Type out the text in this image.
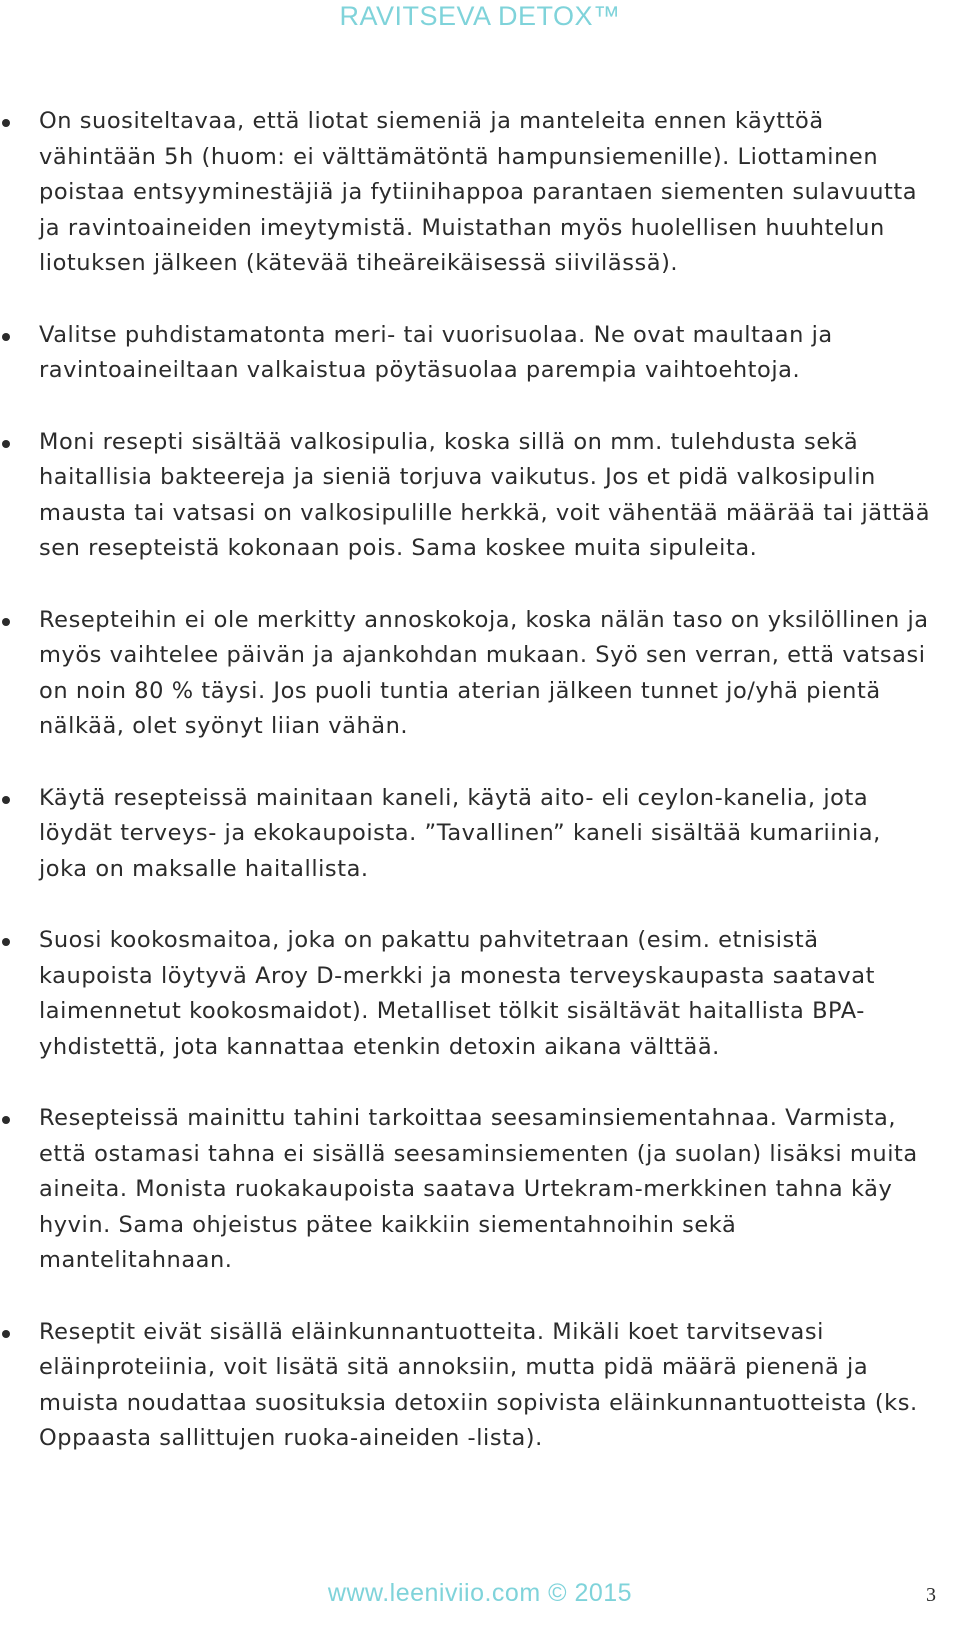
RAVITSEVA DETOX™
On suositeltavaa, että liotat siemeniä ja manteleita ennen käyttöä vähintään 5h (huom: ei välttämätöntä hampunsiemenille). Liottaminen poistaa entsyyminestäjiä ja fytiinihappoa parantaen siementen sulavuutta ja ravintoaineiden imeytymistä. Muistathan myös huolellisen huuhtelun liotuksen jälkeen (kätevää tiheäreikäisessä siivilässä).
Valitse puhdistamatonta meri- tai vuorisuolaa. Ne ovat maultaan ja ravintoaineiltaan valkaistua pöytäsuolaa parempia vaihtoehtoja.
Moni resepti sisältää valkosipulia, koska sillä on mm. tulehdusta sekä haitallisia bakteereja ja sieniä torjuva vaikutus. Jos et pidä valkosipulin mausta tai vatsasi on valkosipulille herkkä, voit vähentää määrää tai jättää sen resepteistä kokonaan pois. Sama koskee muita sipuleita.
Resepteihin ei ole merkitty annoskokoja, koska nälän taso on yksilöllinen ja myös vaihtelee päivän ja ajankohdan mukaan. Syö sen verran, että vatsasi on noin 80 % täysi. Jos puoli tuntia aterian jälkeen tunnet jo/yhä pientä nälkää, olet syönyt liian vähän.
Käytä resepteissä mainitaan kaneli, käytä aito- eli ceylon-kanelia, jota löydät terveys- ja ekokaupoista. ”Tavallinen” kaneli sisältää kumariinia, joka on maksalle haitallista.
Suosi kookosmaitoa, joka on pakattu pahvitetraan (esim. etnisistä kaupoista löytyvä Aroy D-merkki ja monesta terveyskaupasta saatavat laimennetut kookosmaidot). Metalliset tölkit sisältävät haitallista BPA-yhdistettä, jota kannattaa etenkin detoxin aikana välttää.
Resepteissä mainittu tahini tarkoittaa seesaminsiementahnaa. Varmista, että ostamasi tahna ei sisällä seesaminsiementen (ja suolan) lisäksi muita aineita. Monista ruokakaupoista saatava Urtekram-merkkinen tahna käy hyvin. Sama ohjeistus pätee kaikkiin siementahnoihin sekä mantelitahnaan.
Reseptit eivät sisällä eläinkunnantuotteita. Mikäli koet tarvitsevasi eläinproteiinia, voit lisätä sitä annoksiin, mutta pidä määrä pienenä ja muista noudattaa suosituksia detoxiin sopivista eläinkunnantuotteista (ks. Oppaasta sallittujen ruoka-aineiden -lista).
www.leeniviio.com © 2015	3
